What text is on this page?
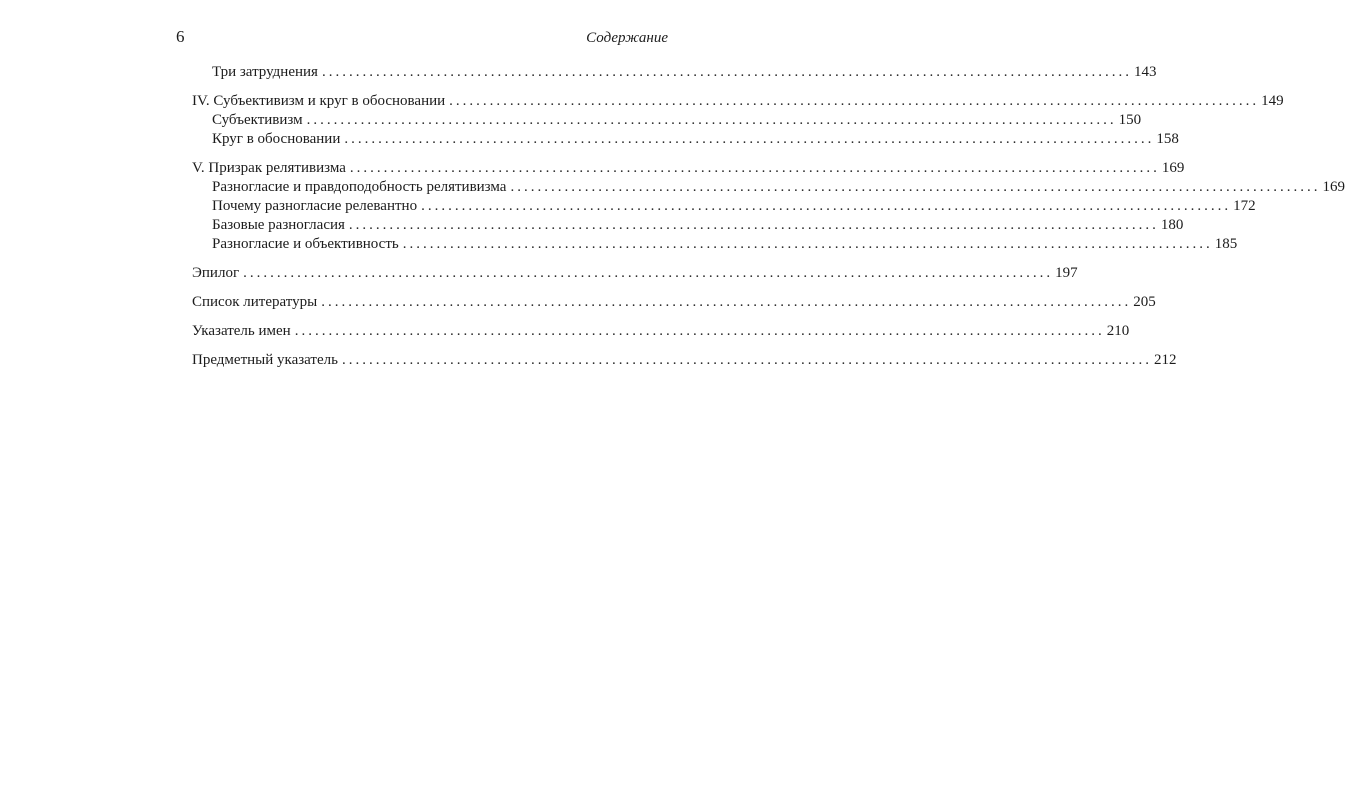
6	Содержание
Три затруднения ........................................................................................................................ 143
IV. Субъективизм и круг в обосновании ........................................................................................................................ 149
Субъективизм ........................................................................................................................ 150
Круг в обосновании ........................................................................................................................ 158
V. Призрак релятивизма ........................................................................................................................ 169
Разногласие и правдоподобность релятивизма ........................................................................................................................ 169
Почему разногласие релевантно ........................................................................................................................ 172
Базовые разногласия ........................................................................................................................ 180
Разногласие и объективность ........................................................................................................................ 185
Эпилог ........................................................................................................................ 197
Список литературы ........................................................................................................................ 205
Указатель имен ........................................................................................................................ 210
Предметный указатель ........................................................................................................................ 212
